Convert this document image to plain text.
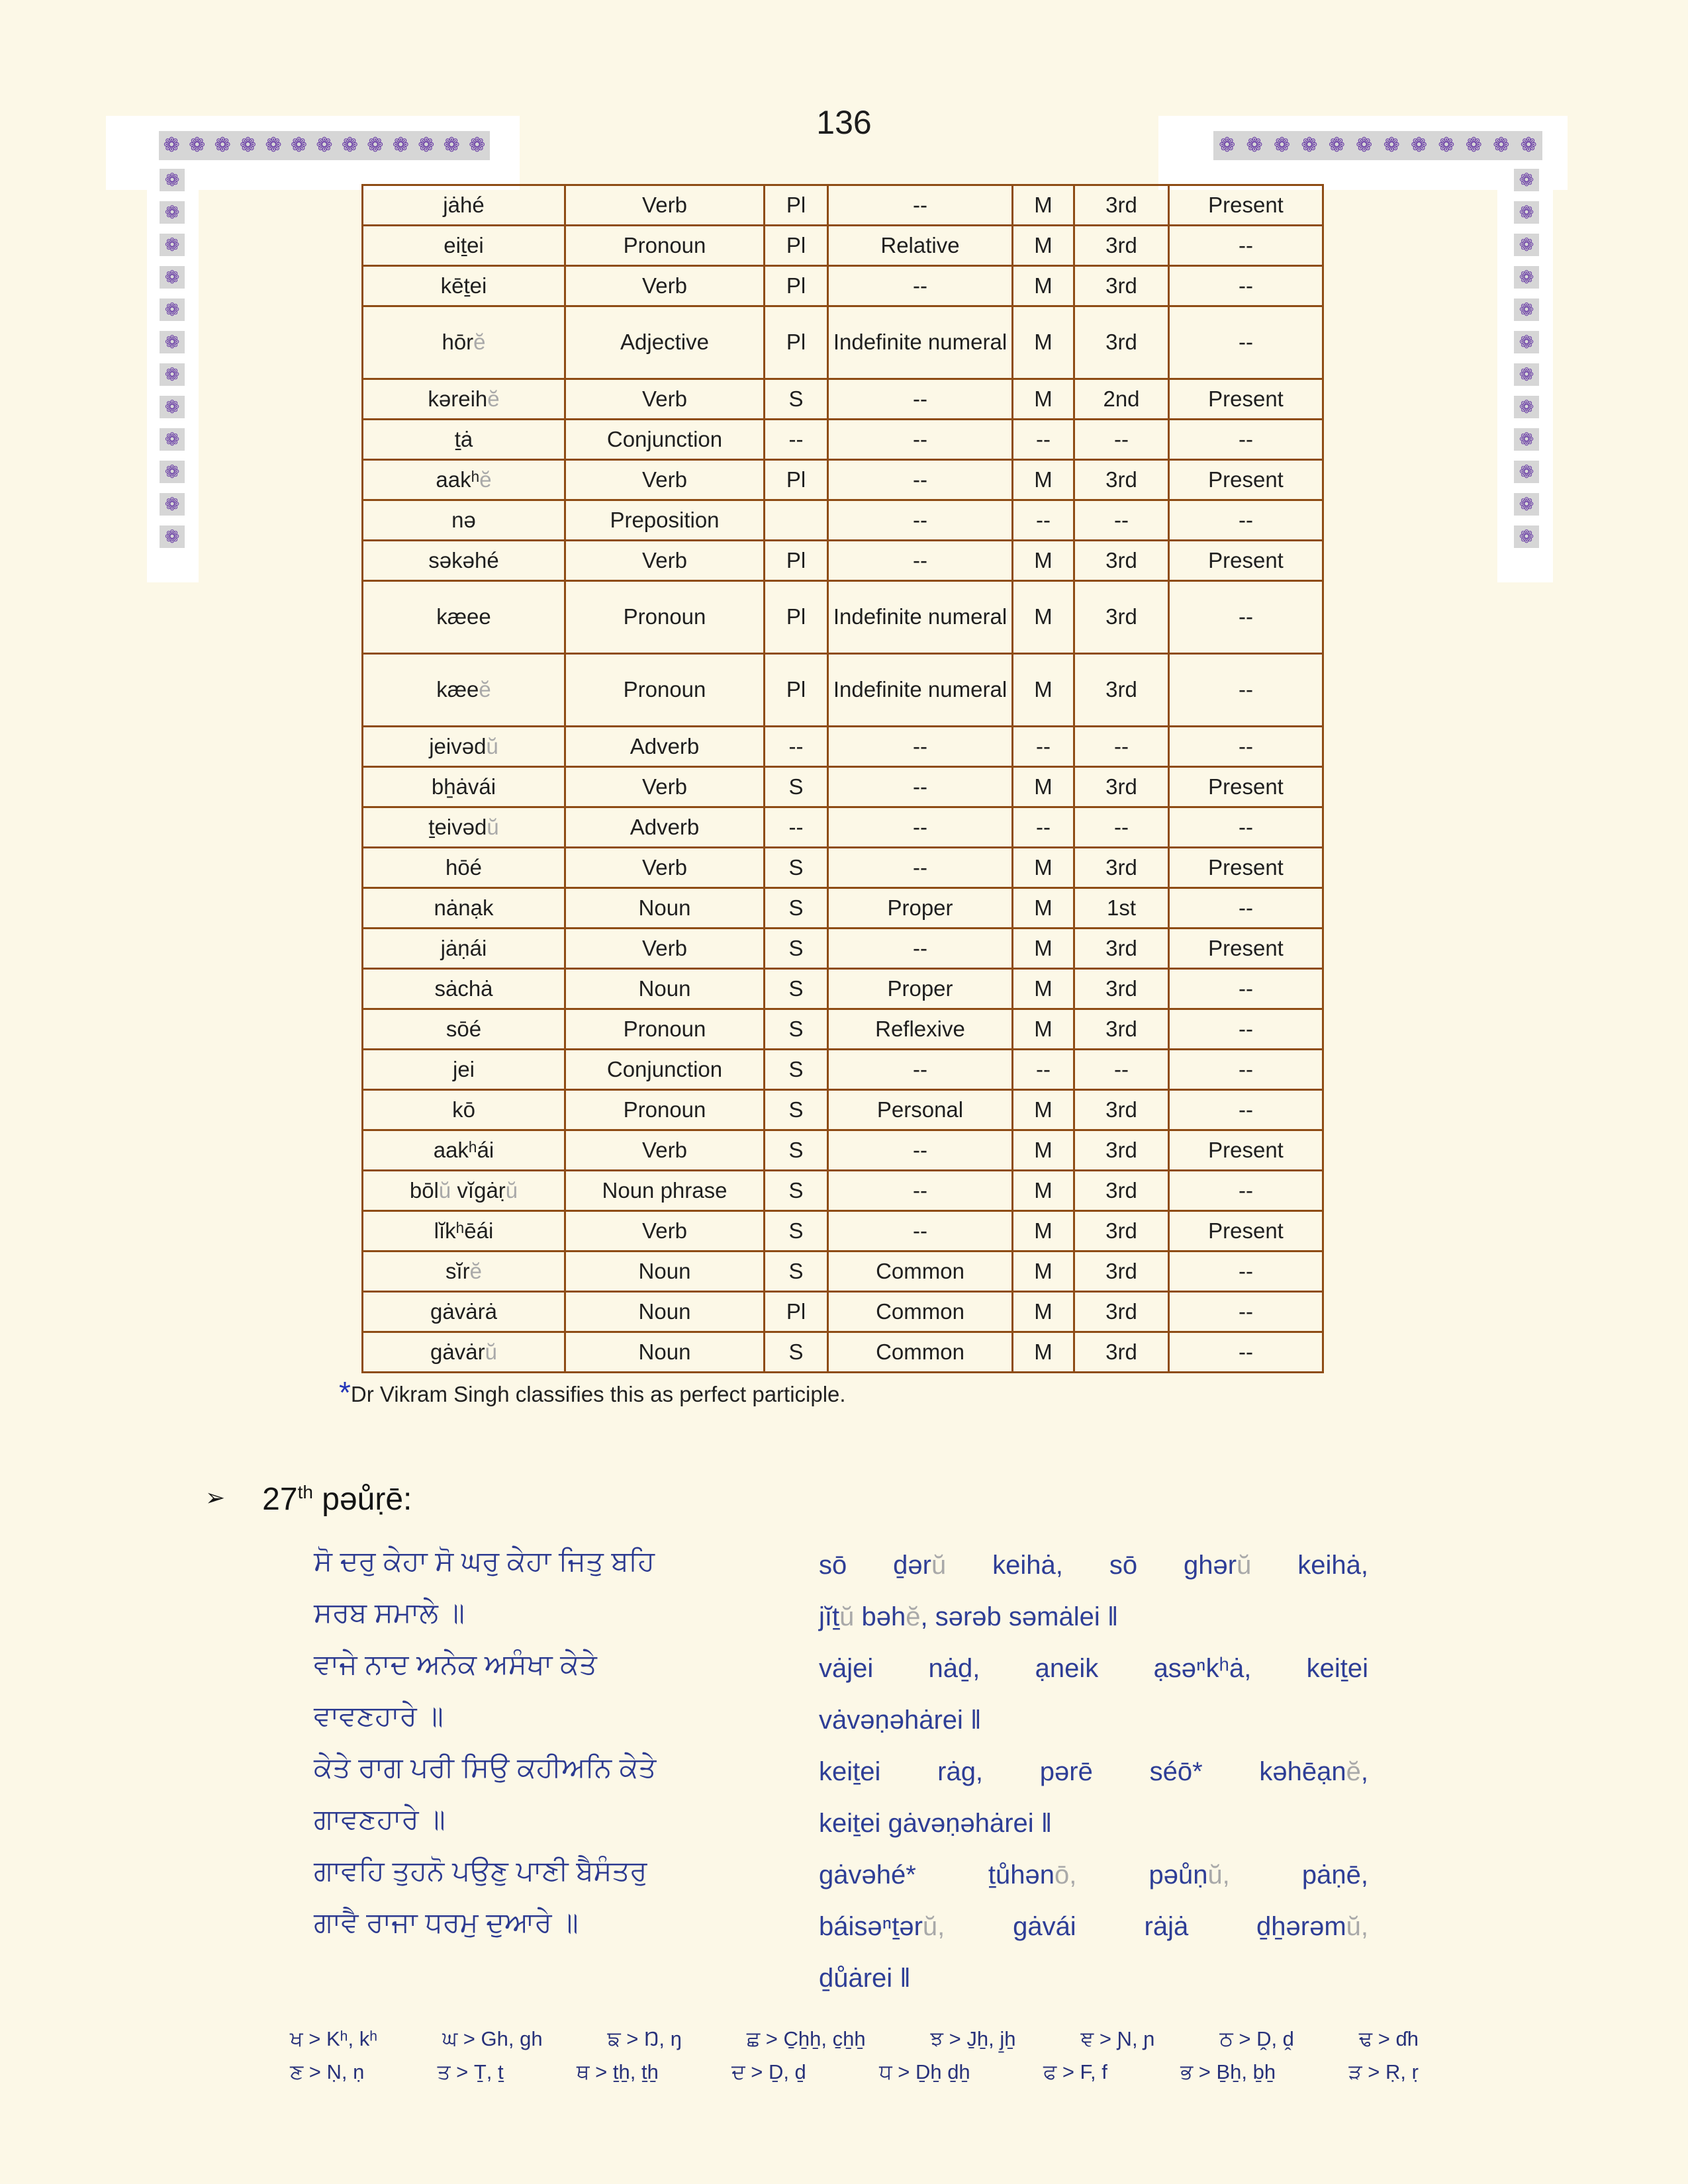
❁ ❁ ❁ ❁ ❁ ❁ ❁ ❁ ❁ ❁ ❁ ❁ ❁	❁ ❁ ❁ ❁ ❁ ❁ ❁ ❁ ❁ ❁ ❁ ❁
❁
❁
❁
❁
❁
❁
❁
❁
❁
❁
❁
❁
❁
❁
❁
❁
❁
❁
❁
❁
❁
❁
❁
❁
136
jȧhé	Verb	Pl	--	M	3rd	Present
eiṯei	Pronoun	Pl	Relative	M	3rd	--
kēṯei	Verb	Pl	--	M	3rd	--
hōrĕ	Adjective	Pl	Indefinite numeral	M	3rd	--
kəreihĕ	Verb	S	--	M	2nd	Present
ṯȧ	Conjunction	--	--	--	--	--
aakʰĕ	Verb	Pl	--	M	3rd	Present
nə	Preposition		--	--	--	--
səkəhé	Verb	Pl	--	M	3rd	Present
kæee	Pronoun	Pl	Indefinite numeral	M	3rd	--
kæeĕ	Pronoun	Pl	Indefinite numeral	M	3rd	--
jeivədŭ	Adverb	--	--	--	--	--
bẖȧvái	Verb	S	--	M	3rd	Present
ṯeivədŭ	Adverb	--	--	--	--	--
hōé	Verb	S	--	M	3rd	Present
nȧnạk	Noun	S	Proper	M	1st	--
jȧṇái	Verb	S	--	M	3rd	Present
sȧchȧ	Noun	S	Proper	M	3rd	--
sōé	Pronoun	S	Reflexive	M	3rd	--
jei	Conjunction	S	--	--	--	--
kō	Pronoun	S	Personal	M	3rd	--
aakʰái	Verb	S	--	M	3rd	Present
bōlŭ vĭgȧṛŭ	Noun phrase	S	--	M	3rd	--
lĭkʰēái	Verb	S	--	M	3rd	Present
sĭrĕ	Noun	S	Common	M	3rd	--
gȧvȧrȧ	Noun	Pl	Common	M	3rd	--
gȧvȧrŭ	Noun	S	Common	M	3rd	--
*Dr Vikram Singh classifies this as perfect participle.
➢ 27th pəůṛē:
ਸੋ ਦਰੁ ਕੇਹਾ ਸੋ ਘਰੁ ਕੇਹਾ ਜਿਤੁ ਬਹਿ
ਸਰਬ ਸਮਾਲੇ ॥
ਵਾਜੇ ਨਾਦ ਅਨੇਕ ਅਸੰਖਾ ਕੇਤੇ
ਵਾਵਣਹਾਰੇ ॥
ਕੇਤੇ ਰਾਗ ਪਰੀ ਸਿਉ ਕਹੀਅਨਿ ਕੇਤੇ
ਗਾਵਣਹਾਰੇ ॥
ਗਾਵਹਿ ਤੁਹਨੋ ਪਉਣੁ ਪਾਣੀ ਬੈਸੰਤਰੁ
ਗਾਵੈ ਰਾਜਾ ਧਰਮੁ ਦੁਆਰੇ ॥
sō ḏərŭ keihȧ, sō ghərŭ keihȧ,
jĭṯŭ bəhĕ, sərəb səmȧlei ‖
vȧjei nȧḏ, ạneik ạsəⁿkʰȧ, keiṯei
vȧvəṇəhȧrei ‖
keiṯei rȧg, pərē séō* kəhēạnĕ,
keiṯei gȧvəṇəhȧrei ‖
gȧvəhé* ṯůhənō, pəůṇŭ, pȧṇē,
báisəⁿṯərŭ, gȧvái rȧjȧ ḏẖərəmŭ,
ḏůȧrei ‖
ਖ > Kʰ, kʰ	ਘ > Gh, gh	ਙ > Ŋ, ŋ	ਛ > C̱ẖẖ, c̱ẖẖ	ਝ > J̱ẖ, j̱ẖ	ਞ > Ɲ, ɲ	ਠ > Ḓ, ḓ	ਢ > ɗh
ਣ > Ṇ, ṇ	ਤ > Ṯ, ṯ	ਥ > ṯẖ, ṯẖ	ਦ > Ḏ, ḏ	ਧ > Ḏẖ ḏẖ	ਫ > F, f	ਭ > Ḇẖ, ḇẖ	ੜ > Ṛ, ṛ
